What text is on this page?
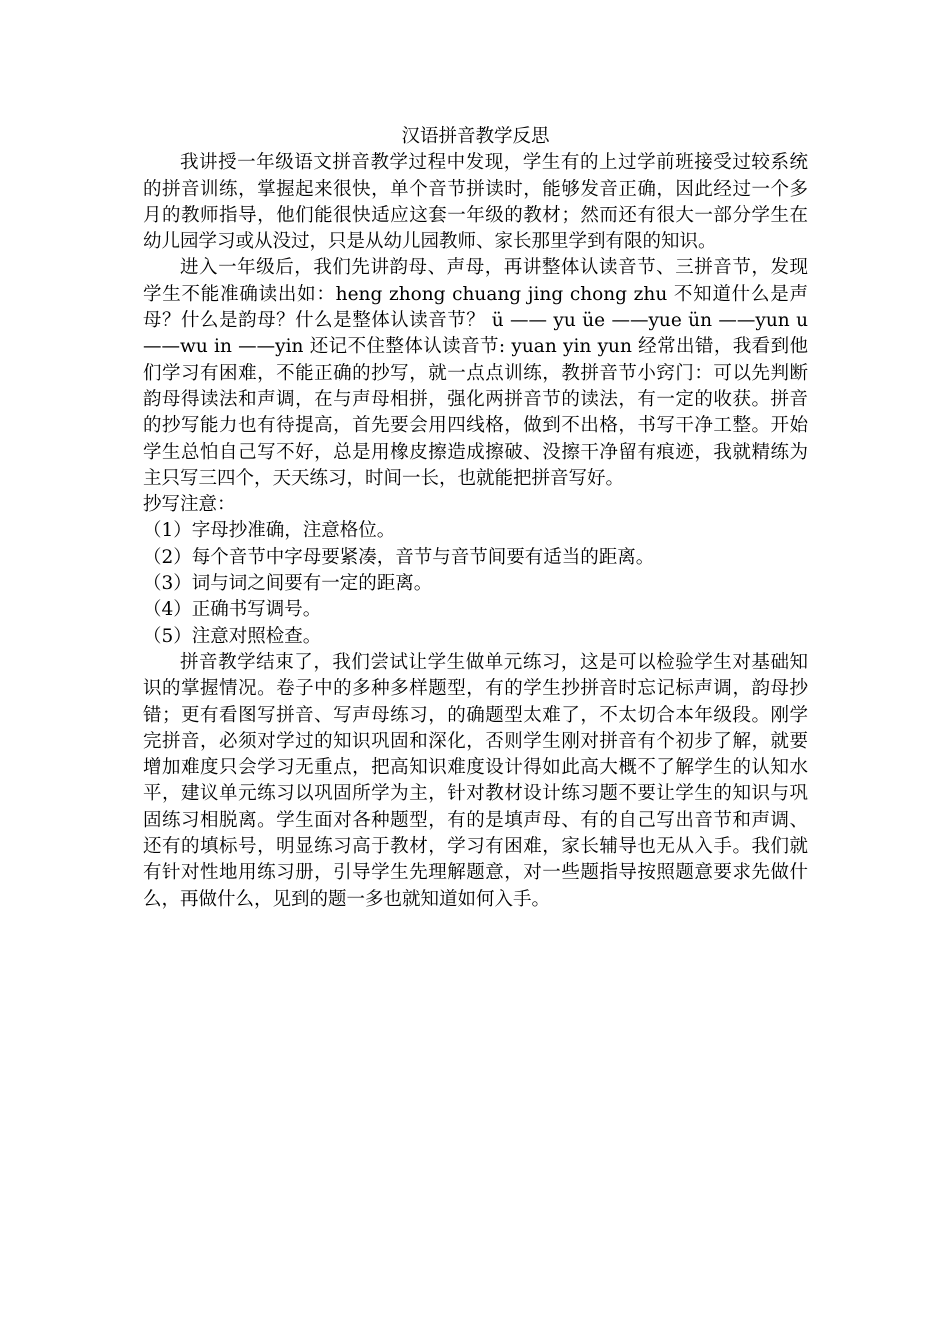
汉语拼音教学反思

我讲授一年级语文拼音教学过程中发现，学生有的上过学前班接受过较系统的拼音训练，掌握起来很快，单个音节拼读时，能够发音正确，因此经过一个多月的教师指导，他们能很快适应这套一年级的教材；然而还有很大一部分学生在幼儿园学习或从没过，只是从幼儿园教师、家长那里学到有限的知识。

进入一年级后，我们先讲韵母、声母，再讲整体认读音节、三拼音节，发现学生不能准确读出如：heng zhong chuang jing chong zhu 不知道什么是声母？什么是韵母？什么是整体认读音节？ ü —— yu üe ——yue ün ——yun u ——wu in ——yin 还记不住整体认读音节: yuan yin yun 经常出错，我看到他们学习有困难，不能正确的抄写，就一点点训练，教拼音节小窍门：可以先判断韵母得读法和声调，在与声母相拼，强化两拼音节的读法，有一定的收获。拼音的抄写能力也有待提高，首先要会用四线格，做到不出格，书写干净工整。开始学生总怕自己写不好，总是用橡皮擦造成擦破、没擦干净留有痕迹，我就精练为主只写三四个，天天练习，时间一长，也就能把拼音写好。

抄写注意：

（1）字母抄准确，注意格位。
（2）每个音节中字母要紧凑，音节与音节间要有适当的距离。
（3）词与词之间要有一定的距离。
（4）正确书写调号。
（5）注意对照检查。

拼音教学结束了，我们尝试让学生做单元练习，这是可以检验学生对基础知识的掌握情况。卷子中的多种多样题型，有的学生抄拼音时忘记标声调，韵母抄错；更有看图写拼音、写声母练习，的确题型太难了，不太切合本年级段。刚学完拼音，必须对学过的知识巩固和深化，否则学生刚对拼音有个初步了解，就要增加难度只会学习无重点，把高知识难度设计得如此高大概不了解学生的认知水平，建议单元练习以巩固所学为主，针对教材设计练习题不要让学生的知识与巩固练习相脱离。学生面对各种题型，有的是填声母、有的自己写出音节和声调、还有的填标号，明显练习高于教材，学习有困难，家长辅导也无从入手。我们就有针对性地用练习册，引导学生先理解题意，对一些题指导按照题意要求先做什么，再做什么，见到的题一多也就知道如何入手。
